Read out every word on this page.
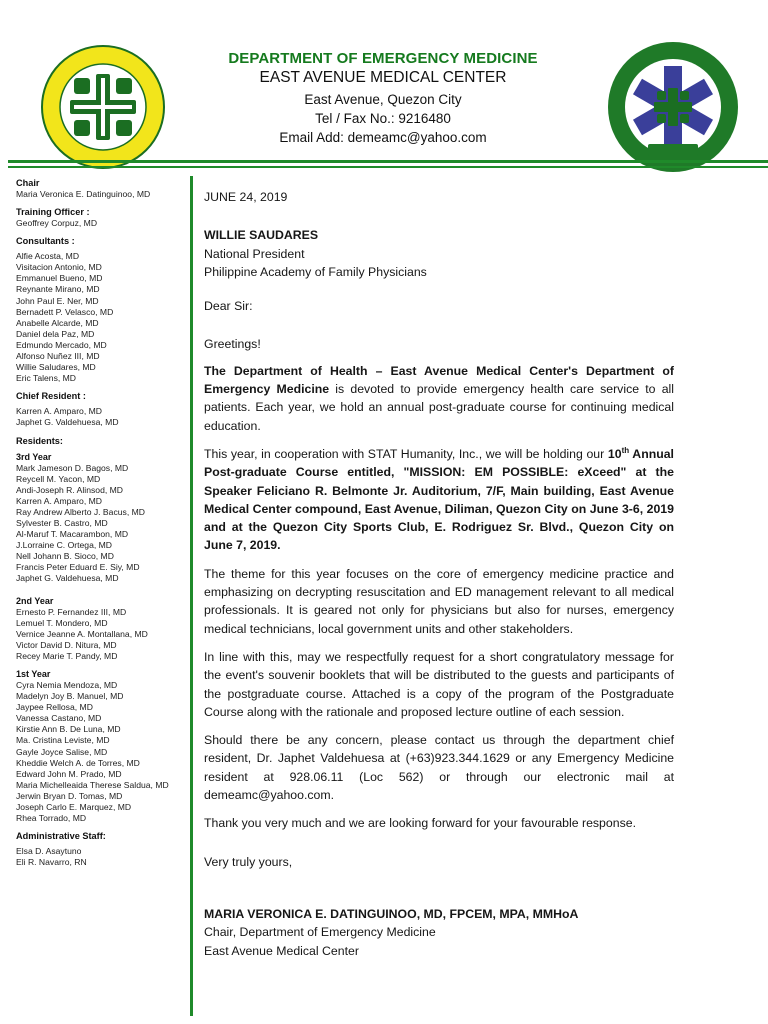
DEPARTMENT OF EMERGENCY MEDICINE
EAST AVENUE MEDICAL CENTER
East Avenue, Quezon City
Tel / Fax No.: 9216480
Email Add: demeamc@yahoo.com
Chair
Maria Veronica E. Datinguinoo, MD
Training Officer :
Geoffrey Corpuz, MD
Consultants :
Alfie Acosta, MD
Visitacion Antonio, MD
Emmanuel Bueno, MD
Reynante Mirano, MD
John Paul E. Ner, MD
Bernadett P. Velasco, MD
Anabelle Alcarde, MD
Daniel dela Paz, MD
Edmundo Mercado, MD
Alfonso Nuñez III, MD
Willie Saludares, MD
Eric Talens, MD
Chief Resident :
Karren A. Amparo, MD
Japhet G. Valdehuesa, MD
Residents:
3rd Year
Mark Jameson D. Bagos, MD
Reycell M. Yacon, MD
Andi-Joseph R. Alinsod, MD
Karren A. Amparo, MD
Ray Andrew Alberto J. Bacus, MD
Sylvester B. Castro, MD
Al-Maruf T. Macarambon, MD
J.Lorraine C. Ortega, MD
Nell Johann B. Sioco, MD
Francis Peter Eduard E. Siy, MD
Japhet G. Valdehuesa, MD
2nd Year
Ernesto P. Fernandez III, MD
Lemuel T. Mondero, MD
Vernice Jeanne A. Montallana, MD
Victor David D. Nitura, MD
Recey Marie T. Pandy, MD
1st Year
Cyra Nemia Mendoza, MD
Madelyn Joy B. Manuel, MD
Jaypee Rellosa, MD
Vanessa Castano, MD
Kirstie Ann B. De Luna, MD
Ma. Cristina Leviste, MD
Gayle Joyce Salise, MD
Kheddie Welch A. de Torres, MD
Edward John M. Prado, MD
Maria Michelleaida Therese Saldua, MD
Jerwin Bryan D. Tomas, MD
Joseph Carlo E. Marquez, MD
Rhea Torrado, MD
Administrative Staff:
Elsa D. Asaytuno
Eli R. Navarro, RN

JUNE 24, 2019

WILLIE SAUDARES

National President

Philippine Academy of Family Physicians

Dear Sir:

Greetings!

The Department of Health – East Avenue Medical Center's Department of Emergency Medicine is devoted to provide emergency health care service to all patients. Each year, we hold an annual post-graduate course for continuing medical education.

This year, in cooperation with STAT Humanity, Inc., we will be holding our 10th Annual Post-graduate Course entitled, "MISSION: EM POSSIBLE: eXceed" at the Speaker Feliciano R. Belmonte Jr. Auditorium, 7/F, Main building, East Avenue Medical Center compound, East Avenue, Diliman, Quezon City on June 3-6, 2019 and at the Quezon City Sports Club, E. Rodriguez Sr. Blvd., Quezon City on June 7, 2019.

The theme for this year focuses on the core of emergency medicine practice and emphasizing on decrypting resuscitation and ED management relevant to all medical professionals. It is geared not only for physicians but also for nurses, emergency medical technicians, local government units and other stakeholders.

In line with this, may we respectfully request for a short congratulatory message for the event's souvenir booklets that will be distributed to the guests and participants of the postgraduate course. Attached is a copy of the program of the Postgraduate Course along with the rationale and proposed lecture outline of each session.

Should there be any concern, please contact us through the department chief resident, Dr. Japhet Valdehuesa at (+63)923.344.1629 or any Emergency Medicine resident at 928.06.11 (Loc 562) or through our electronic mail at demeamc@yahoo.com.

Thank you very much and we are looking forward for your favourable response.

Very truly yours,

MARIA VERONICA E. DATINGUINOO, MD, FPCEM, MPA, MMHoA

Chair, Department of Emergency Medicine

East Avenue Medical Center
